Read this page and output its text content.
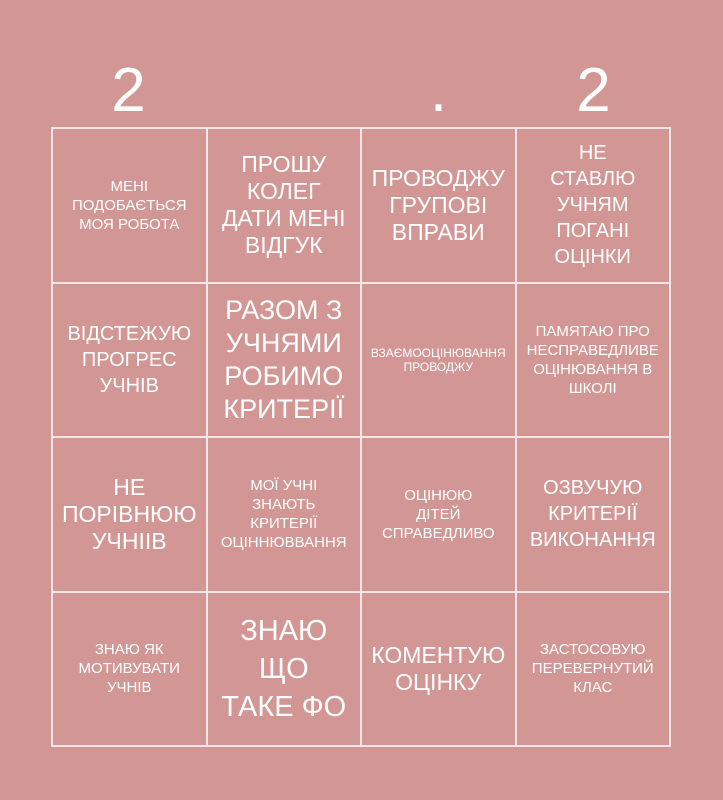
2	.	2
МЕНІ
ПОДОБАЄТЬСЯ
МОЯ РОБОТА
ПРОШУ
КОЛЕГ
ДАТИ МЕНІ
ВІДГУК
ПРОВОДЖУ
ГРУПОВІ
ВПРАВИ
НЕ
СТАВЛЮ
УЧНЯМ
ПОГАНІ
ОЦІНКИ
ВІДСТЕЖУЮ
ПРОГРЕС
УЧНІВ
РАЗОМ З
УЧНЯМИ
РОБИМО
КРИТЕРІЇ
ВЗАЄМООЦІНЮВАННЯ
ПРОВОДЖУ
ПАМЯТАЮ ПРО
НЕСПРАВЕДЛИВЕ
ОЦІНЮВАННЯ В
ШКОЛІ
НЕ
ПОРІВНЮЮ
УЧНІІВ
МОЇ УЧНІ
ЗНАЮТЬ
КРИТЕРІЇ
ОЦІННЮВВАННЯ
ОЦІНЮЮ
ДІТЕЙ
СПРАВЕДЛИВО
ОЗВУЧУЮ
КРИТЕРІЇ
ВИКОНАННЯ
ЗНАЮ ЯК
МОТИВУВАТИ
УЧНІВ
ЗНАЮ
ЩО
ТАКЕ ФО
КОМЕНТУЮ
ОЦІНКУ
ЗАСТОСОВУЮ
ПЕРЕВЕРНУТИЙ
КЛАС
